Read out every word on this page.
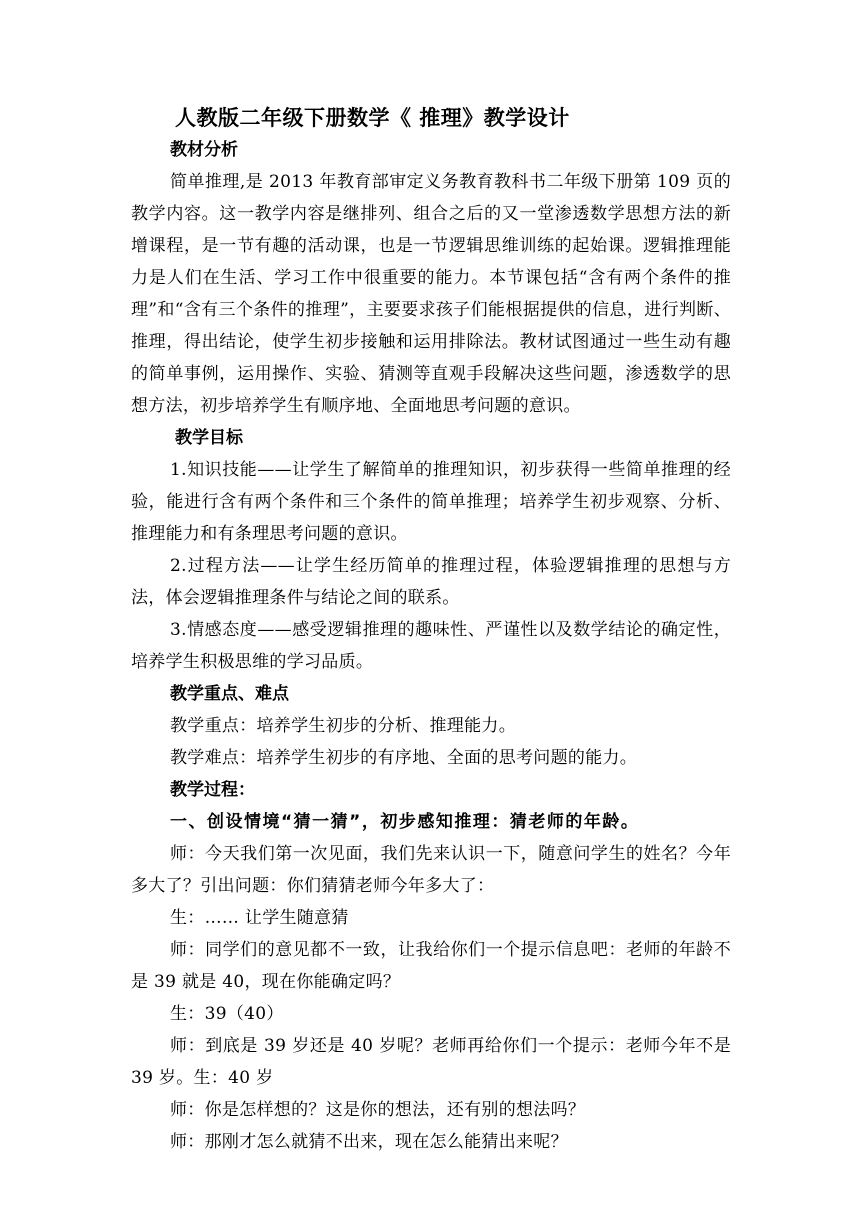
人教版二年级下册数学《 推理》教学设计
教材分析

简单推理,是 2013 年教育部审定义务教育教科书二年级下册第 109 页的教学内容。这一教学内容是继排列、组合之后的又一堂渗透数学思想方法的新增课程，是一节有趣的活动课，也是一节逻辑思维训练的起始课。逻辑推理能力是人们在生活、学习工作中很重要的能力。本节课包括“含有两个条件的推理”和“含有三个条件的推理”，主要要求孩子们能根据提供的信息，进行判断、推理，得出结论，使学生初步接触和运用排除法。教材试图通过一些生动有趣的简单事例，运用操作、实验、猜测等直观手段解决这些问题，渗透数学的思想方法，初步培养学生有顺序地、全面地思考问题的意识。

教学目标

1.知识技能——让学生了解简单的推理知识，初步获得一些简单推理的经验，能进行含有两个条件和三个条件的简单推理；培养学生初步观察、分析、推理能力和有条理思考问题的意识。

2.过程方法——让学生经历简单的推理过程，体验逻辑推理的思想与方法，体会逻辑推理条件与结论之间的联系。

3.情感态度——感受逻辑推理的趣味性、严谨性以及数学结论的确定性，培养学生积极思维的学习品质。

教学重点、难点

教学重点：培养学生初步的分析、推理能力。

教学难点：培养学生初步的有序地、全面的思考问题的能力。

教学过程：
一、创设情境“猜一猜”，初步感知推理：猜老师的年龄。

师：今天我们第一次见面，我们先来认识一下，随意问学生的姓名？今年多大了？引出问题：你们猜猜老师今年多大了：

生：…… 让学生随意猜

师：同学们的意见都不一致，让我给你们一个提示信息吧：老师的年龄不是 39 就是 40，现在你能确定吗？

生：39（40）

师：到底是 39 岁还是 40 岁呢？老师再给你们一个提示：老师今年不是 39 岁。生：40 岁

师：你是怎样想的？这是你的想法，还有别的想法吗？

师：那刚才怎么就猜不出来，现在怎么能猜出来呢？
